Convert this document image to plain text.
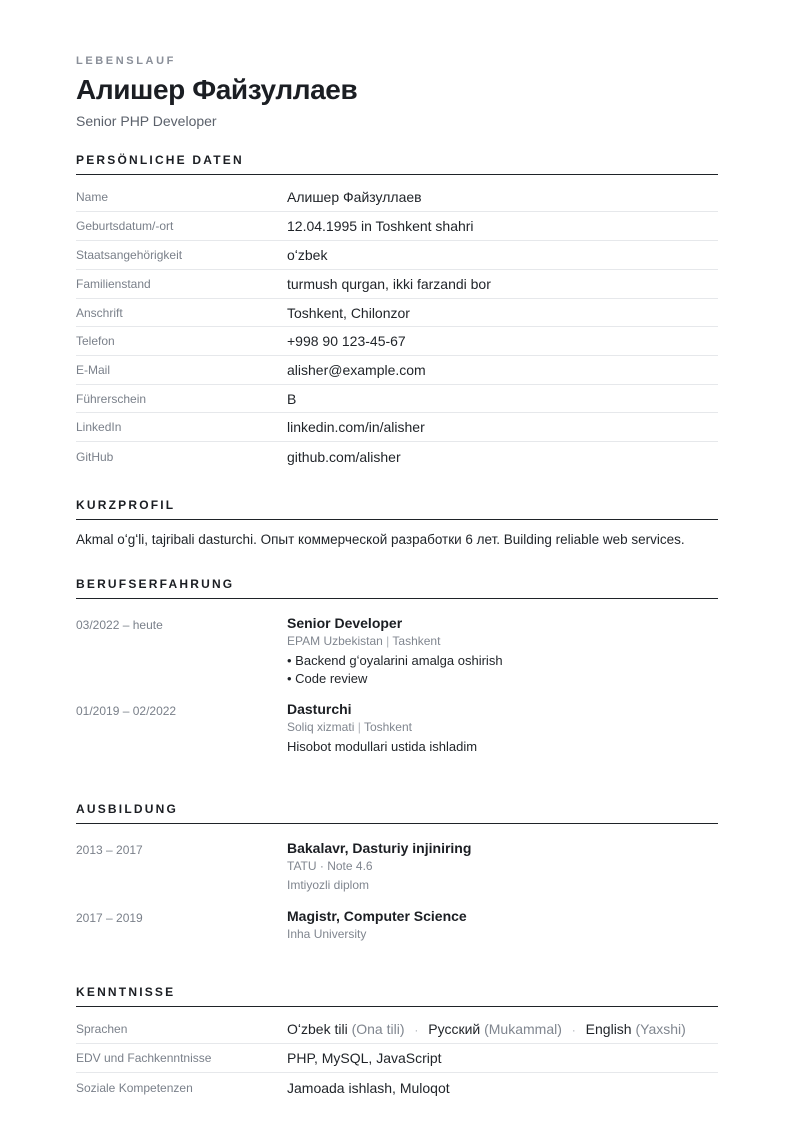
LEBENSLAUF
Алишер Файзуллаев
Senior PHP Developer
PERSÖNLICHE DATEN
Name	Алишер Файзуллаев
Geburtsdatum/-ort	12.04.1995 in Toshkent shahri
Staatsangehörigkeit	oʻzbek
Familienstand	turmush qurgan, ikki farzandi bor
Anschrift	Toshkent, Chilonzor
Telefon	+998 90 123-45-67
E-Mail	alisher@example.com
Führerschein	B
LinkedIn	linkedin.com/in/alisher
GitHub	github.com/alisher
KURZPROFIL
Akmal oʻgʻli, tajribali dasturchi. Опыт коммерческой разработки 6 лет. Building reliable web services.
BERUFSERFAHRUNG
03/2022 – heute	Senior Developer
EPAM Uzbekistan | Tashkent
• Backend gʻoyalarini amalga oshirish
• Code review
01/2019 – 02/2022	Dasturchi
Soliq xizmati | Toshkent
Hisobot modullari ustida ishladim
AUSBILDUNG
2013 – 2017	Bakalavr, Dasturiy injiniring
TATU · Note 4.6
Imtiyozli diplom
2017 – 2019	Magistr, Computer Science
Inha University
KENNTNISSE
Sprachen	Oʻzbek tili (Ona tili) · Русский (Mukammal) · English (Yaxshi)
EDV und Fachkenntnisse	PHP, MySQL, JavaScript
Soziale Kompetenzen	Jamoada ishlash, Muloqot
